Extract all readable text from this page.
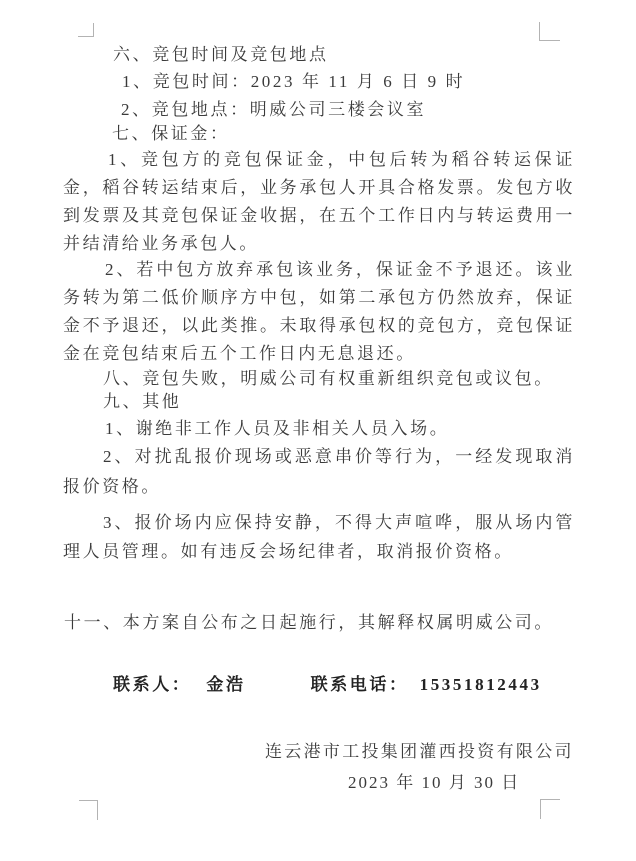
六、竞包时间及竞包地点
1、竞包时间：2023 年 11 月 6 日 9 时
2、竞包地点：明威公司三楼会议室
七、保证金：
1、竞包方的竞包保证金，中包后转为稻谷转运保证金，稻谷转运结束后，业务承包人开具合格发票。发包方收到发票及其竞包保证金收据，在五个工作日内与转运费用一并结清给业务承包人。
2、若中包方放弃承包该业务，保证金不予退还。该业务转为第二低价顺序方中包，如第二承包方仍然放弃，保证金不予退还，以此类推。未取得承包权的竞包方，竞包保证金在竞包结束后五个工作日内无息退还。
八、竞包失败，明威公司有权重新组织竞包或议包。
九、其他
1、谢绝非工作人员及非相关人员入场。
2、对扰乱报价现场或恶意串价等行为，一经发现取消报价资格。
3、报价场内应保持安静，不得大声喧哗，服从场内管理人员管理。如有违反会场纪律者，取消报价资格。
十一、本方案自公布之日起施行，其解释权属明威公司。
联系人： 金浩	联系电话： 15351812443
连云港市工投集团灌西投资有限公司
2023 年 10 月 30 日
